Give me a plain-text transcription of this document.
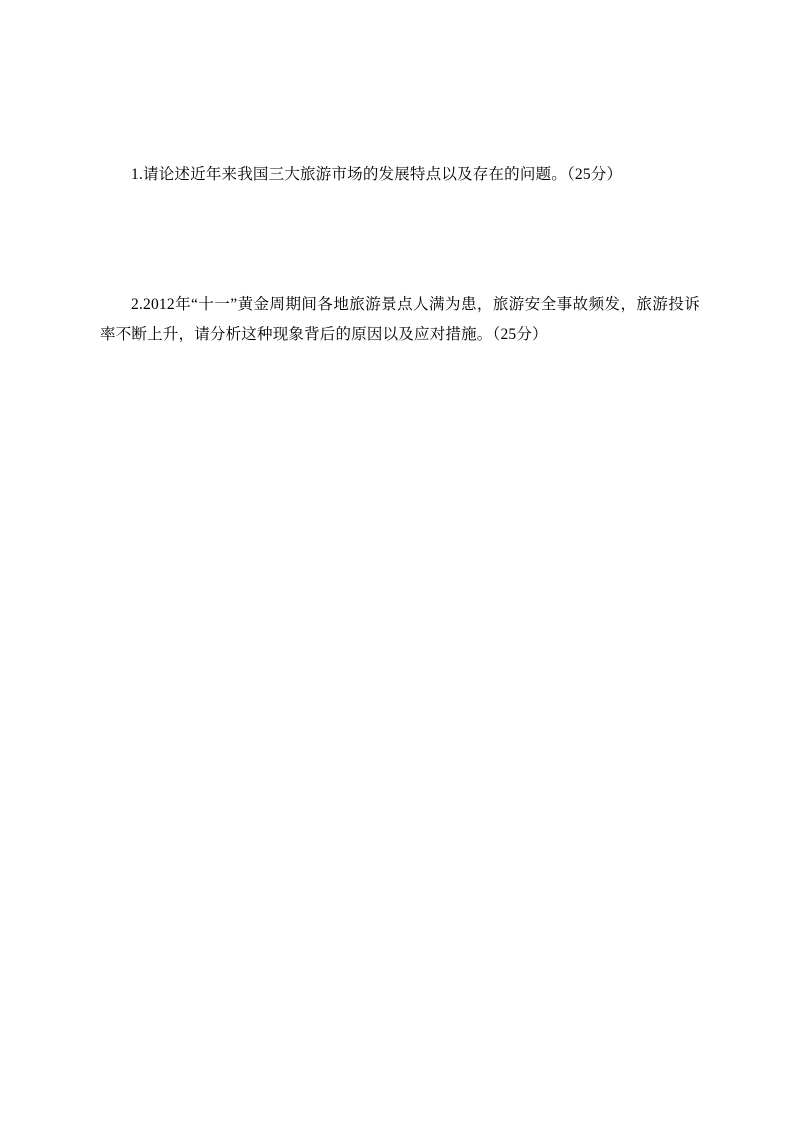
1.请论述近年来我国三大旅游市场的发展特点以及存在的问题。（25分）

2.2012年“十一”黄金周期间各地旅游景点人满为患，旅游安全事故频发，旅游投诉率不断上升，请分析这种现象背后的原因以及应对措施。（25分）
